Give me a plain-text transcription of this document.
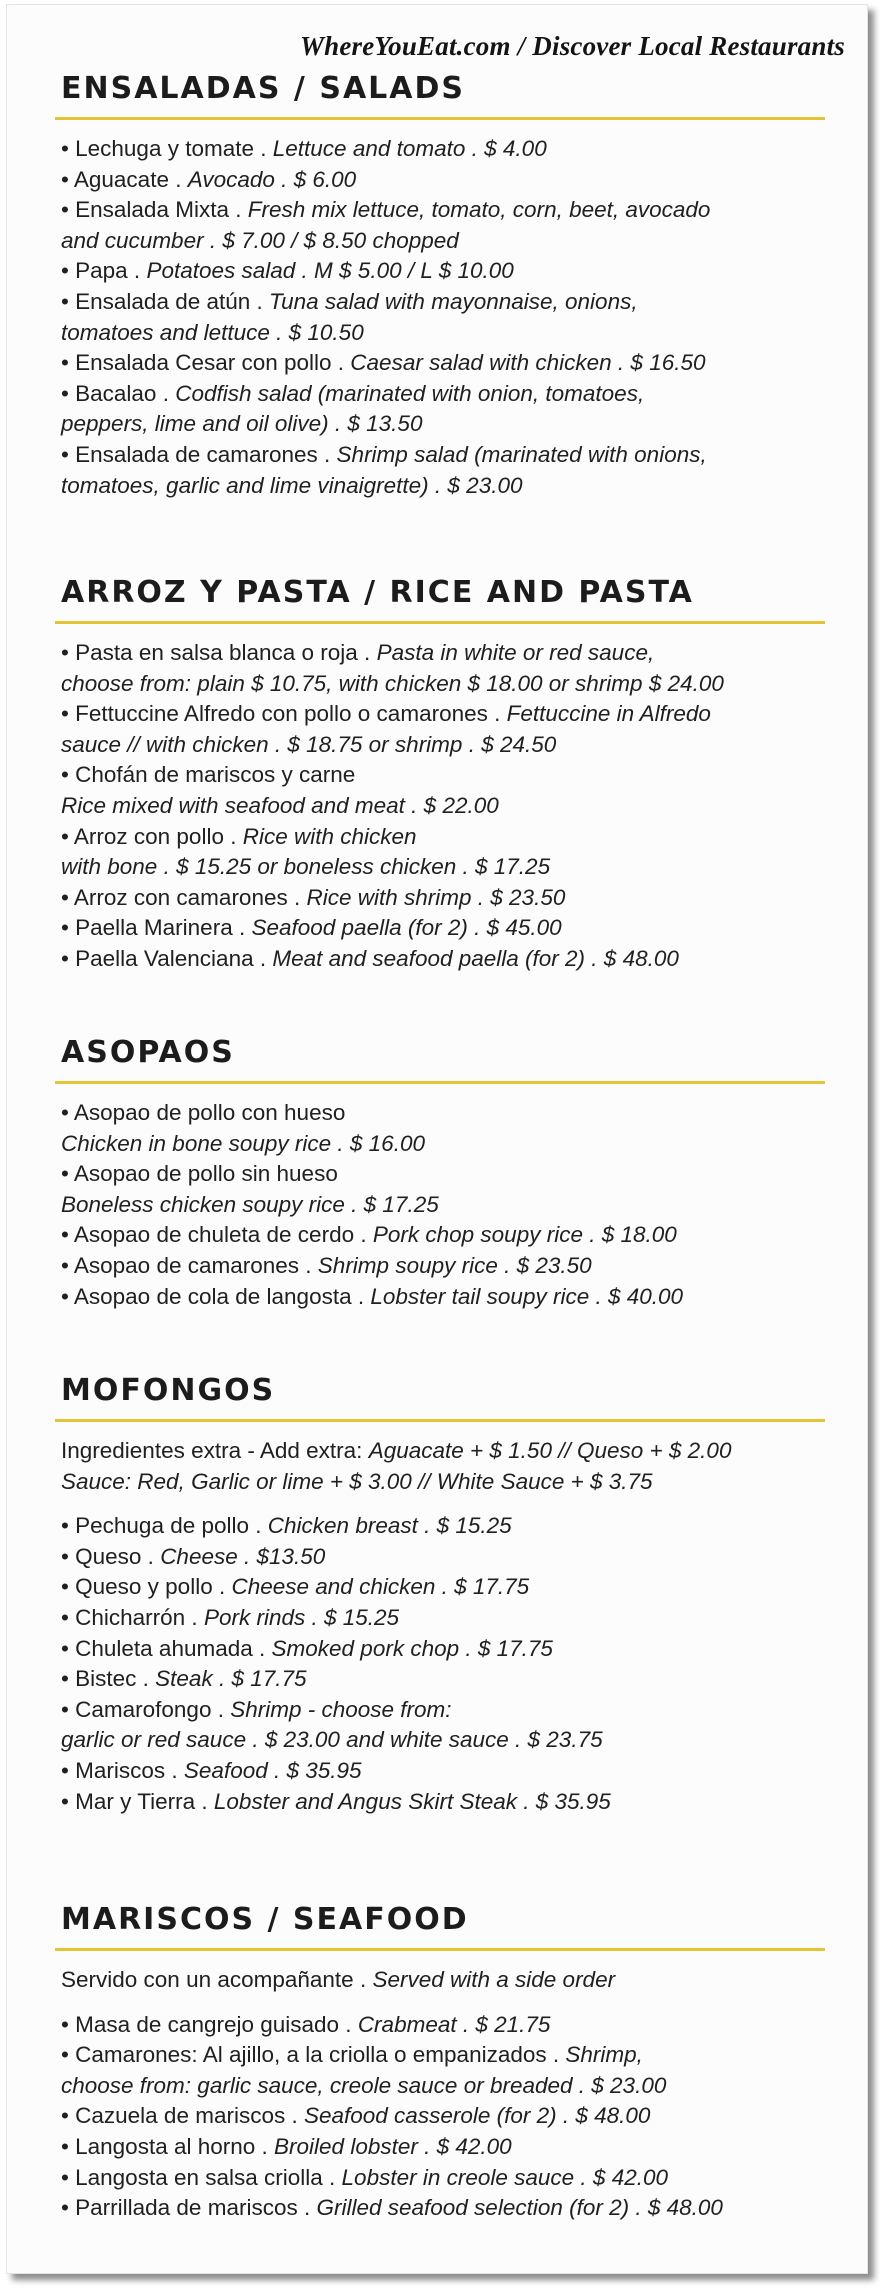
WhereYouEat.com / Discover Local Restaurants
ENSALADAS / SALADS
• Lechuga y tomate . Lettuce and tomato . $ 4.00
• Aguacate . Avocado . $ 6.00
• Ensalada Mixta . Fresh mix lettuce, tomato, corn, beet, avocado
and cucumber . $ 7.00 / $ 8.50 chopped
• Papa . Potatoes salad . M $ 5.00 / L $ 10.00
• Ensalada de atún . Tuna salad with mayonnaise, onions,
tomatoes and lettuce . $ 10.50
• Ensalada Cesar con pollo . Caesar salad with chicken . $ 16.50
• Bacalao . Codfish salad (marinated with onion, tomatoes,
peppers, lime and oil olive) . $ 13.50
• Ensalada de camarones . Shrimp salad (marinated with onions,
tomatoes, garlic and lime vinaigrette) . $ 23.00
ARROZ Y PASTA / RICE AND PASTA
• Pasta en salsa blanca o roja . Pasta in white or red sauce,
choose from: plain $ 10.75, with chicken $ 18.00 or shrimp $ 24.00
• Fettuccine Alfredo con pollo o camarones . Fettuccine in Alfredo
sauce // with chicken . $ 18.75 or shrimp . $ 24.50
• Chofán de mariscos y carne
Rice mixed with seafood and meat . $ 22.00
• Arroz con pollo . Rice with chicken
with bone . $ 15.25 or boneless chicken . $ 17.25
• Arroz con camarones . Rice with shrimp . $ 23.50
• Paella Marinera . Seafood paella (for 2) . $ 45.00
• Paella Valenciana . Meat and seafood paella (for 2) . $ 48.00
ASOPAOS
• Asopao de pollo con hueso
Chicken in bone soupy rice . $ 16.00
• Asopao de pollo sin hueso
Boneless chicken soupy rice . $ 17.25
• Asopao de chuleta de cerdo . Pork chop soupy rice . $ 18.00
• Asopao de camarones . Shrimp soupy rice . $ 23.50
• Asopao de cola de langosta . Lobster tail soupy rice . $ 40.00
MOFONGOS
Ingredientes extra - Add extra: Aguacate + $ 1.50 // Queso + $ 2.00
Sauce: Red, Garlic or lime + $ 3.00 // White Sauce + $ 3.75
• Pechuga de pollo . Chicken breast . $ 15.25
• Queso . Cheese . $13.50
• Queso y pollo . Cheese and chicken . $ 17.75
• Chicharrón . Pork rinds . $ 15.25
• Chuleta ahumada . Smoked pork chop . $ 17.75
• Bistec . Steak . $ 17.75
• Camarofongo . Shrimp - choose from:
garlic or red sauce . $ 23.00 and white sauce . $ 23.75
• Mariscos . Seafood . $ 35.95
• Mar y Tierra . Lobster and Angus Skirt Steak . $ 35.95
MARISCOS / SEAFOOD
Servido con un acompañante . Served with a side order
• Masa de cangrejo guisado . Crabmeat . $ 21.75
• Camarones: Al ajillo, a la criolla o empanizados . Shrimp,
choose from: garlic sauce, creole sauce or breaded . $ 23.00
• Cazuela de mariscos . Seafood casserole (for 2) . $ 48.00
• Langosta al horno . Broiled lobster . $ 42.00
• Langosta en salsa criolla . Lobster in creole sauce . $ 42.00
• Parrillada de mariscos . Grilled seafood selection (for 2) . $ 48.00
